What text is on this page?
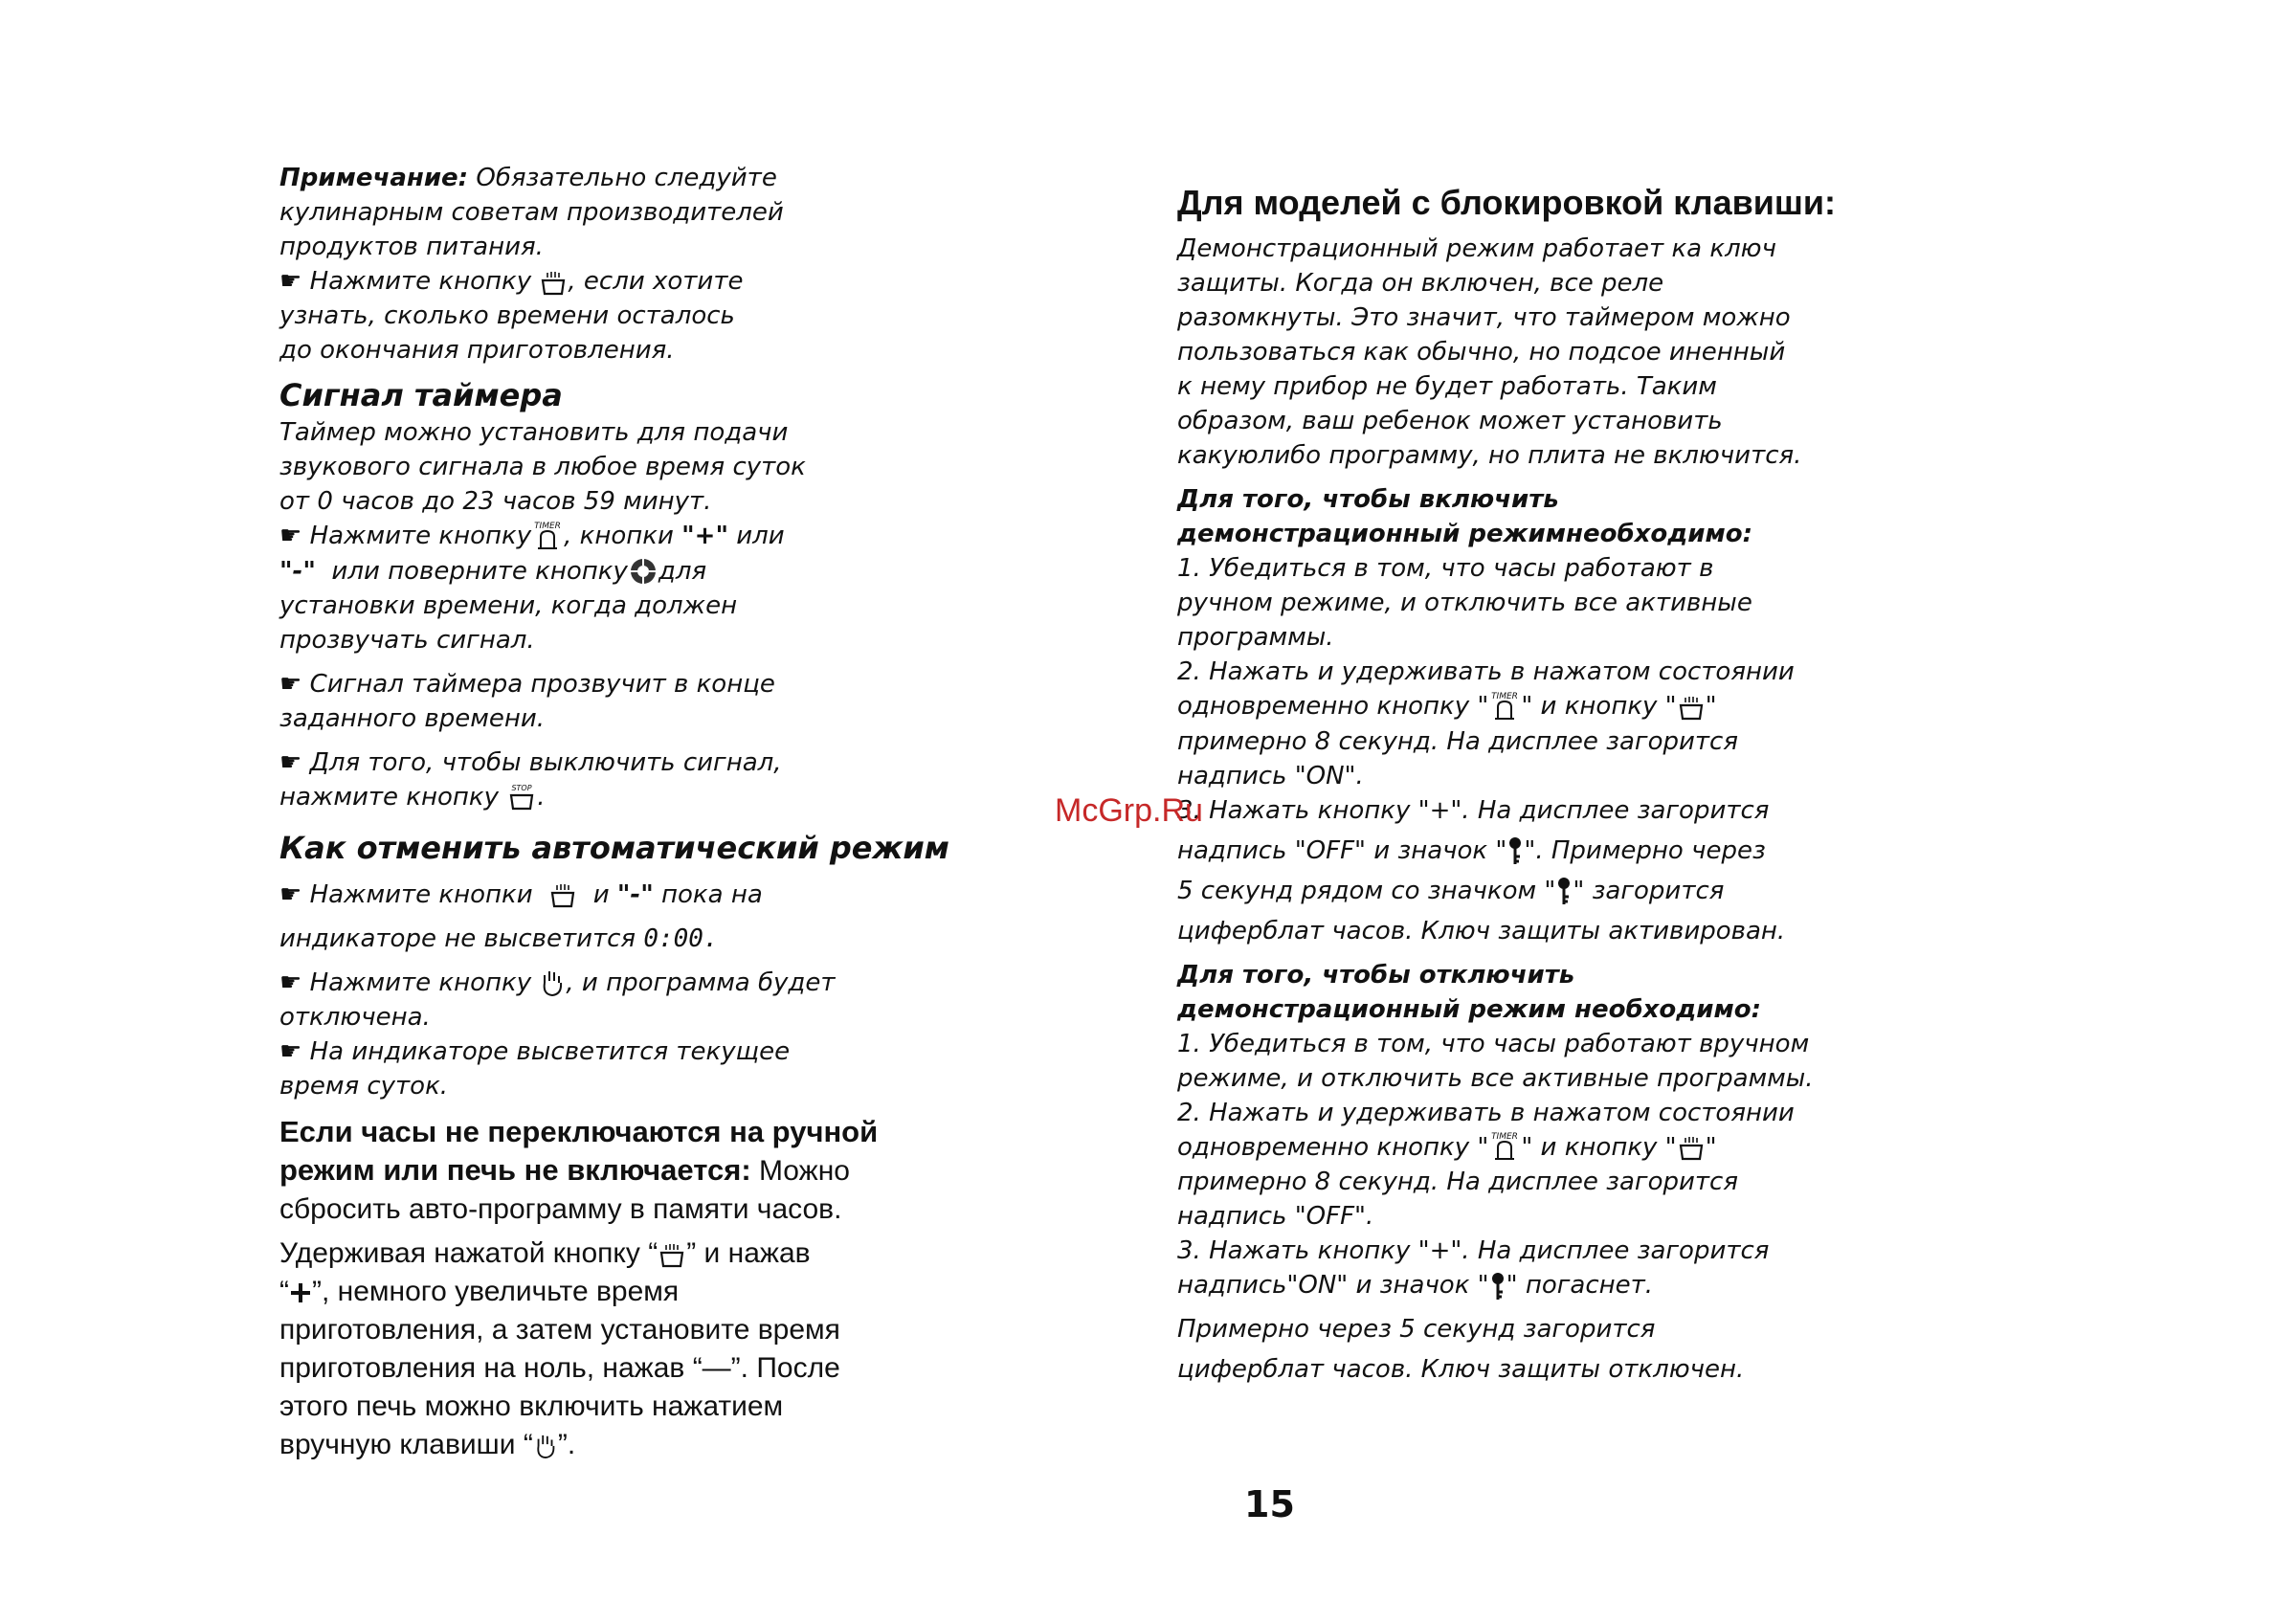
Примечание: Обязательно следуйте
кулинарным советам производителей
продуктов питания.
☛ Нажмите кнопку , если хотите
узнать, сколько времени осталось
до окончания приготовления.
Сигнал таймера
Таймер можно установить для подачи
звукового сигнала в любое время суток
от 0 часов до 23 часов 59 минут.
☛ Нажмите кнопку TIMER , кнопки "+" или
"-" или поверните кнопку для
установки времени, когда должен
прозвучать сигнал.
☛ Сигнал таймера прозвучит в конце
заданного времени.
☛ Для того, чтобы выключить сигнал,
нажмите кнопку STOP .
Как отменить автоматический режим
☛ Нажмите кнопки и "-" пока на
индикаторе не высветится 0:00.
☛ Нажмите кнопку , и программа будет
отключена.
☛ На индикаторе высветится текущее
время суток.
Если часы не переключаются на ручной
режим или печь не включается: Можно
сбросить авто-программу в памяти часов.
Удерживая нажатой кнопку “ ” и нажав
“ ”, немного увеличьте время
приготовления, а затем установите время
приготовления на ноль, нажав “—”. После
этого печь можно включить нажатием
вручную клавиши “ ”.
Для моделей с блокировкой клавиши:
Демонстрационный режим работает ка ключ
защиты. Когда он включен, все реле
разомкнуты. Это значит, что таймером можно
пользоваться как обычно, но подсое иненный
к нему прибор не будет работать. Таким
образом, ваш ребенок может установить
какуюлибо программу, но плита не включится.
Для того, чтобы включить
демонстрационный режимнеобходимо:
1. Убедиться в том, что часы работают в
ручном режиме, и отключить все активные
программы.
2. Нажать и удерживать в нажатом состоянии
одновременно кнопку " TIMER " и кнопку " "
примерно 8 секунд. На дисплее загорится
надпись "ON".
3. Нажать кнопку "+". На дисплее загорится
надпись "OFF" и значок " ". Примерно через
5 секунд рядом со значком " " загорится
циферблат часов. Ключ защиты активирован.
Для того, чтобы отключить
демонстрационный режим необходимо:
1. Убедиться в том, что часы работают вручном
режиме, и отключить все активные программы.
2. Нажать и удерживать в нажатом состоянии
одновременно кнопку " TIMER " и кнопку " "
примерно 8 секунд. На дисплее загорится
надпись "OFF".
3. Нажать кнопку "+". На дисплее загорится
надпись"ON" и значок " " погаснет.
Примерно через 5 секунд загорится
циферблат часов. Ключ защиты отключен.
McGrp.Ru
15
